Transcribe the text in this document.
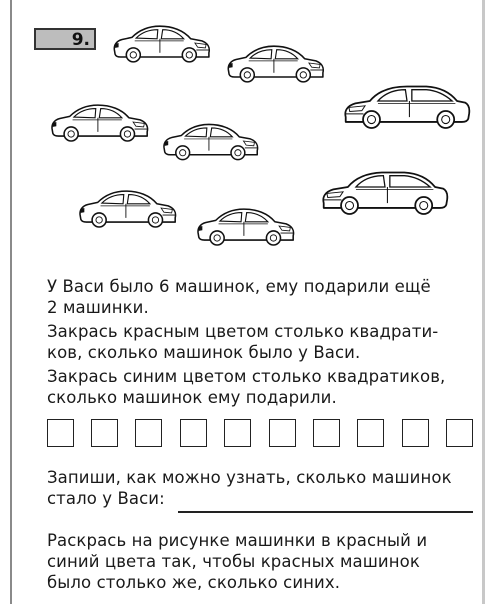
9.

У Васи было 6 машинок, ему подарили ещё

2 машинки.

Закрась красным цветом столько квадрати-

ков, сколько машинок было у Васи.

Закрась синим цветом столько квадратиков,

сколько машинок ему подарили.

Запиши, как можно узнать, сколько машинок

стало у Васи:

Раскрась на рисунке машинки в красный и

синий цвета так, чтобы красных машинок

было столько же, сколько синих.
